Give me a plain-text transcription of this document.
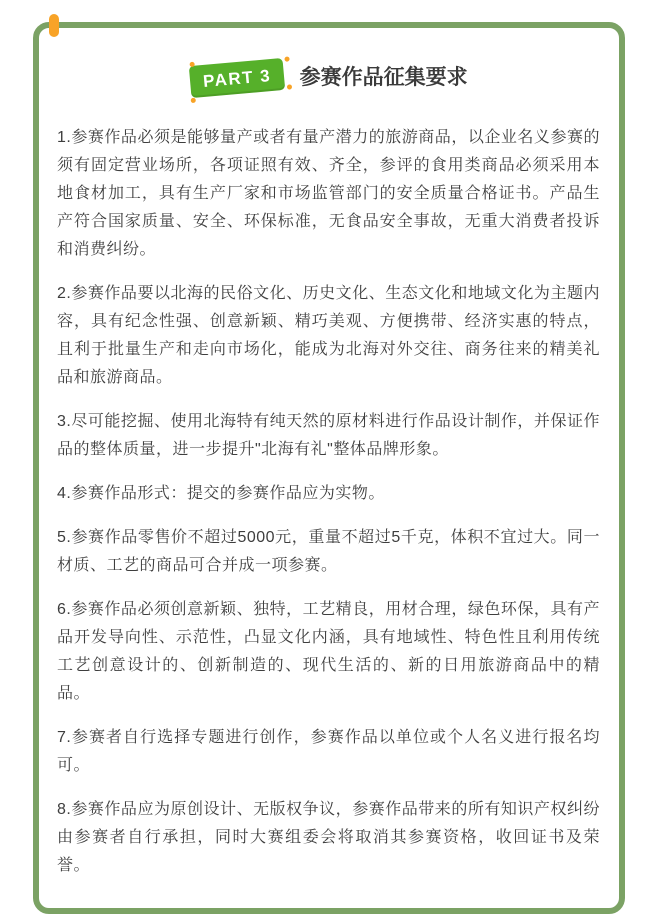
PART 3	参赛作品征集要求

1.参赛作品必须是能够量产或者有量产潜力的旅游商品，以企业名义参赛的须有固定营业场所，各项证照有效、齐全，参评的食用类商品必须采用本地食材加工，具有生产厂家和市场监管部门的安全质量合格证书。产品生产符合国家质量、安全、环保标准，无食品安全事故，无重大消费者投诉和消费纠纷。

2.参赛作品要以北海的民俗文化、历史文化、生态文化和地域文化为主题内容，具有纪念性强、创意新颖、精巧美观、方便携带、经济实惠的特点，且利于批量生产和走向市场化，能成为北海对外交往、商务往来的精美礼品和旅游商品。

3.尽可能挖掘、使用北海特有纯天然的原材料进行作品设计制作，并保证作品的整体质量，进一步提升"北海有礼"整体品牌形象。

4.参赛作品形式：提交的参赛作品应为实物。

5.参赛作品零售价不超过5000元，重量不超过5千克，体积不宜过大。同一材质、工艺的商品可合并成一项参赛。

6.参赛作品必须创意新颖、独特，工艺精良，用材合理，绿色环保，具有产品开发导向性、示范性，凸显文化内涵，具有地域性、特色性且利用传统工艺创意设计的、创新制造的、现代生活的、新的日用旅游商品中的精品。

7.参赛者自行选择专题进行创作，参赛作品以单位或个人名义进行报名均可。

8.参赛作品应为原创设计、无版权争议，参赛作品带来的所有知识产权纠纷由参赛者自行承担，同时大赛组委会将取消其参赛资格，收回证书及荣誉。
